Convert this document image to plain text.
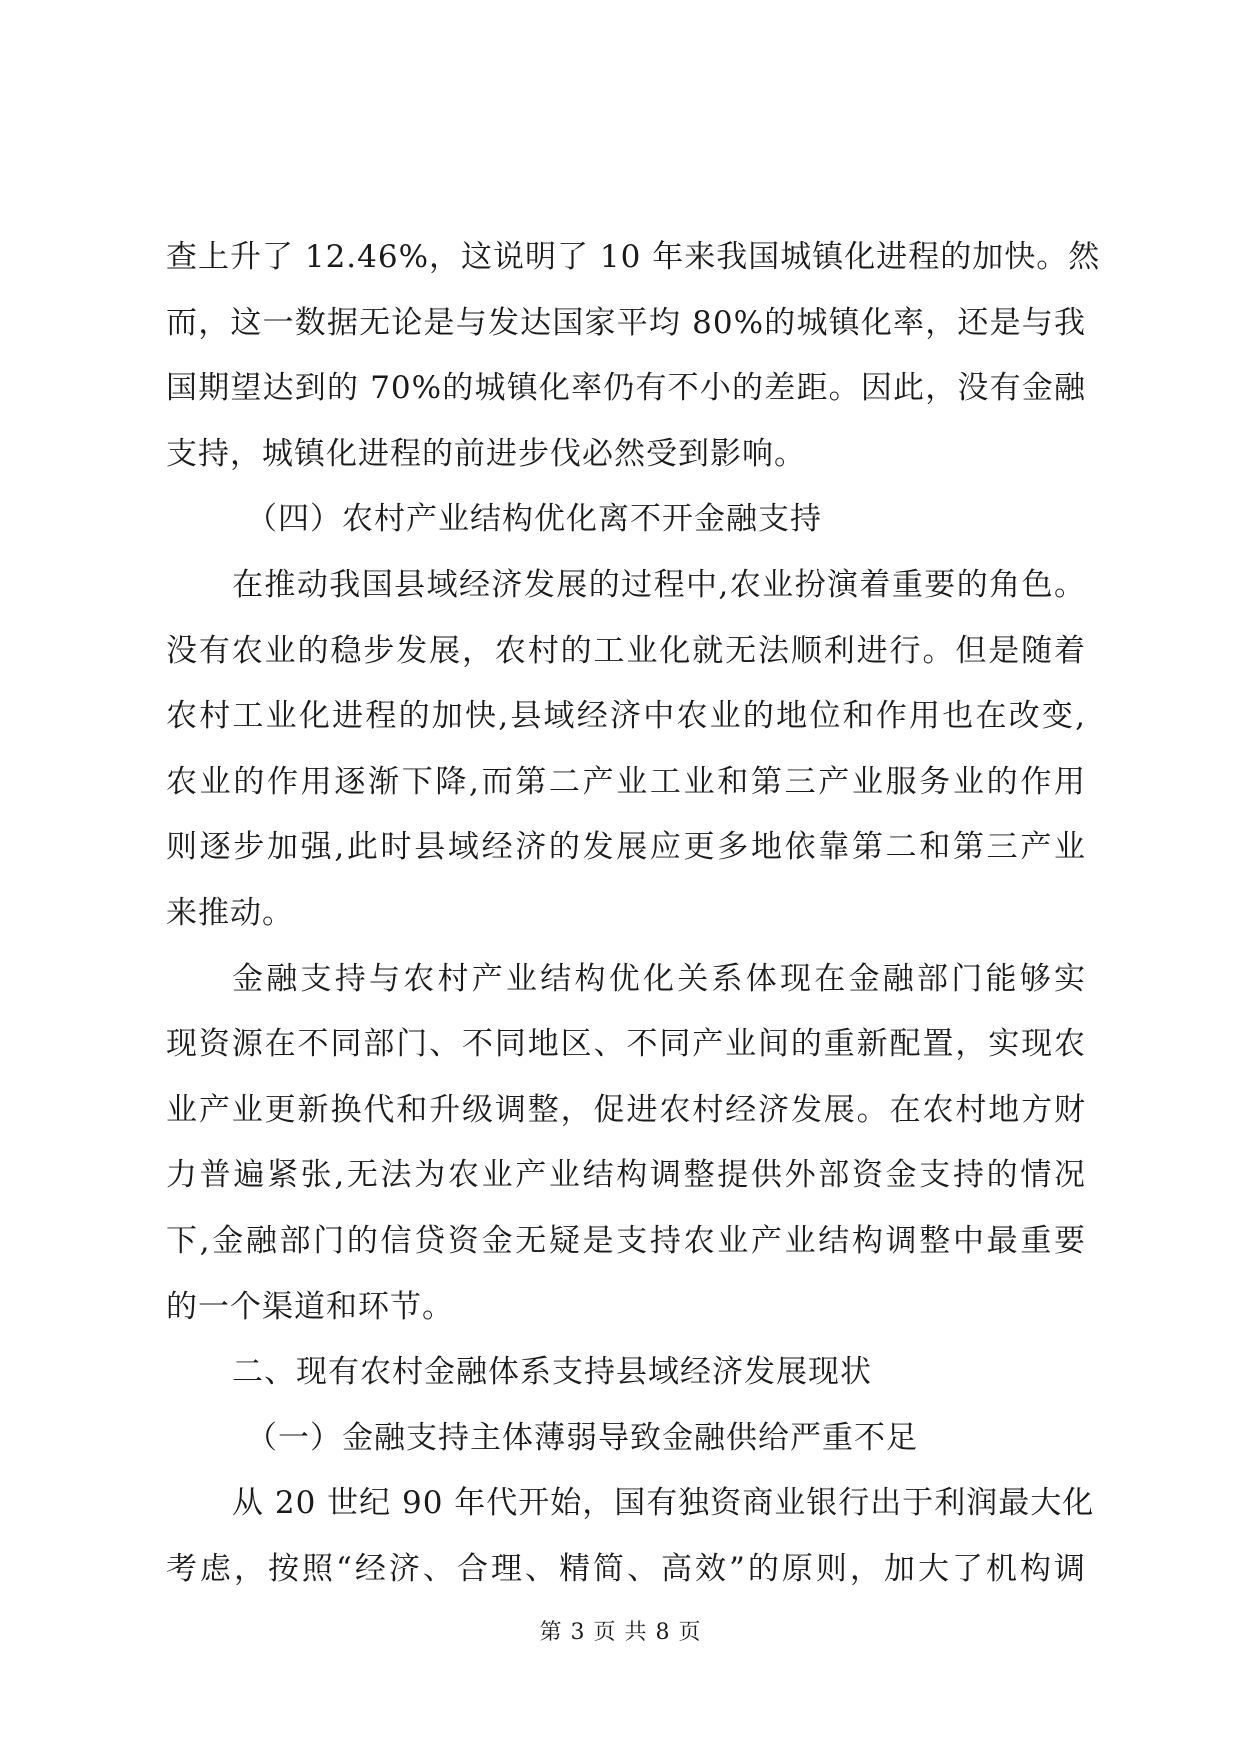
查上升了 12.46%，这说明了 10 年来我国城镇化进程的加快。然
而，这一数据无论是与发达国家平均 80%的城镇化率，还是与我
国期望达到的 70%的城镇化率仍有不小的差距。因此，没有金融
支持，城镇化进程的前进步伐必然受到影响。
（四）农村产业结构优化离不开金融支持
在推动我国县域经济发展的过程中,农业扮演着重要的角色。
没有农业的稳步发展，农村的工业化就无法顺利进行。但是随着
农村工业化进程的加快,县域经济中农业的地位和作用也在改变,
农业的作用逐渐下降,而第二产业工业和第三产业服务业的作用
则逐步加强,此时县域经济的发展应更多地依靠第二和第三产业
来推动。
金融支持与农村产业结构优化关系体现在金融部门能够实
现资源在不同部门、不同地区、不同产业间的重新配置，实现农
业产业更新换代和升级调整，促进农村经济发展。在农村地方财
力普遍紧张,无法为农业产业结构调整提供外部资金支持的情况
下,金融部门的信贷资金无疑是支持农业产业结构调整中最重要
的一个渠道和环节。
二、现有农村金融体系支持县域经济发展现状
（一）金融支持主体薄弱导致金融供给严重不足
从 20 世纪 90 年代开始，国有独资商业银行出于利润最大化
考虑，按照“经济、合理、精简、高效”的原则，加大了机构调
第 3 页 共 8 页
